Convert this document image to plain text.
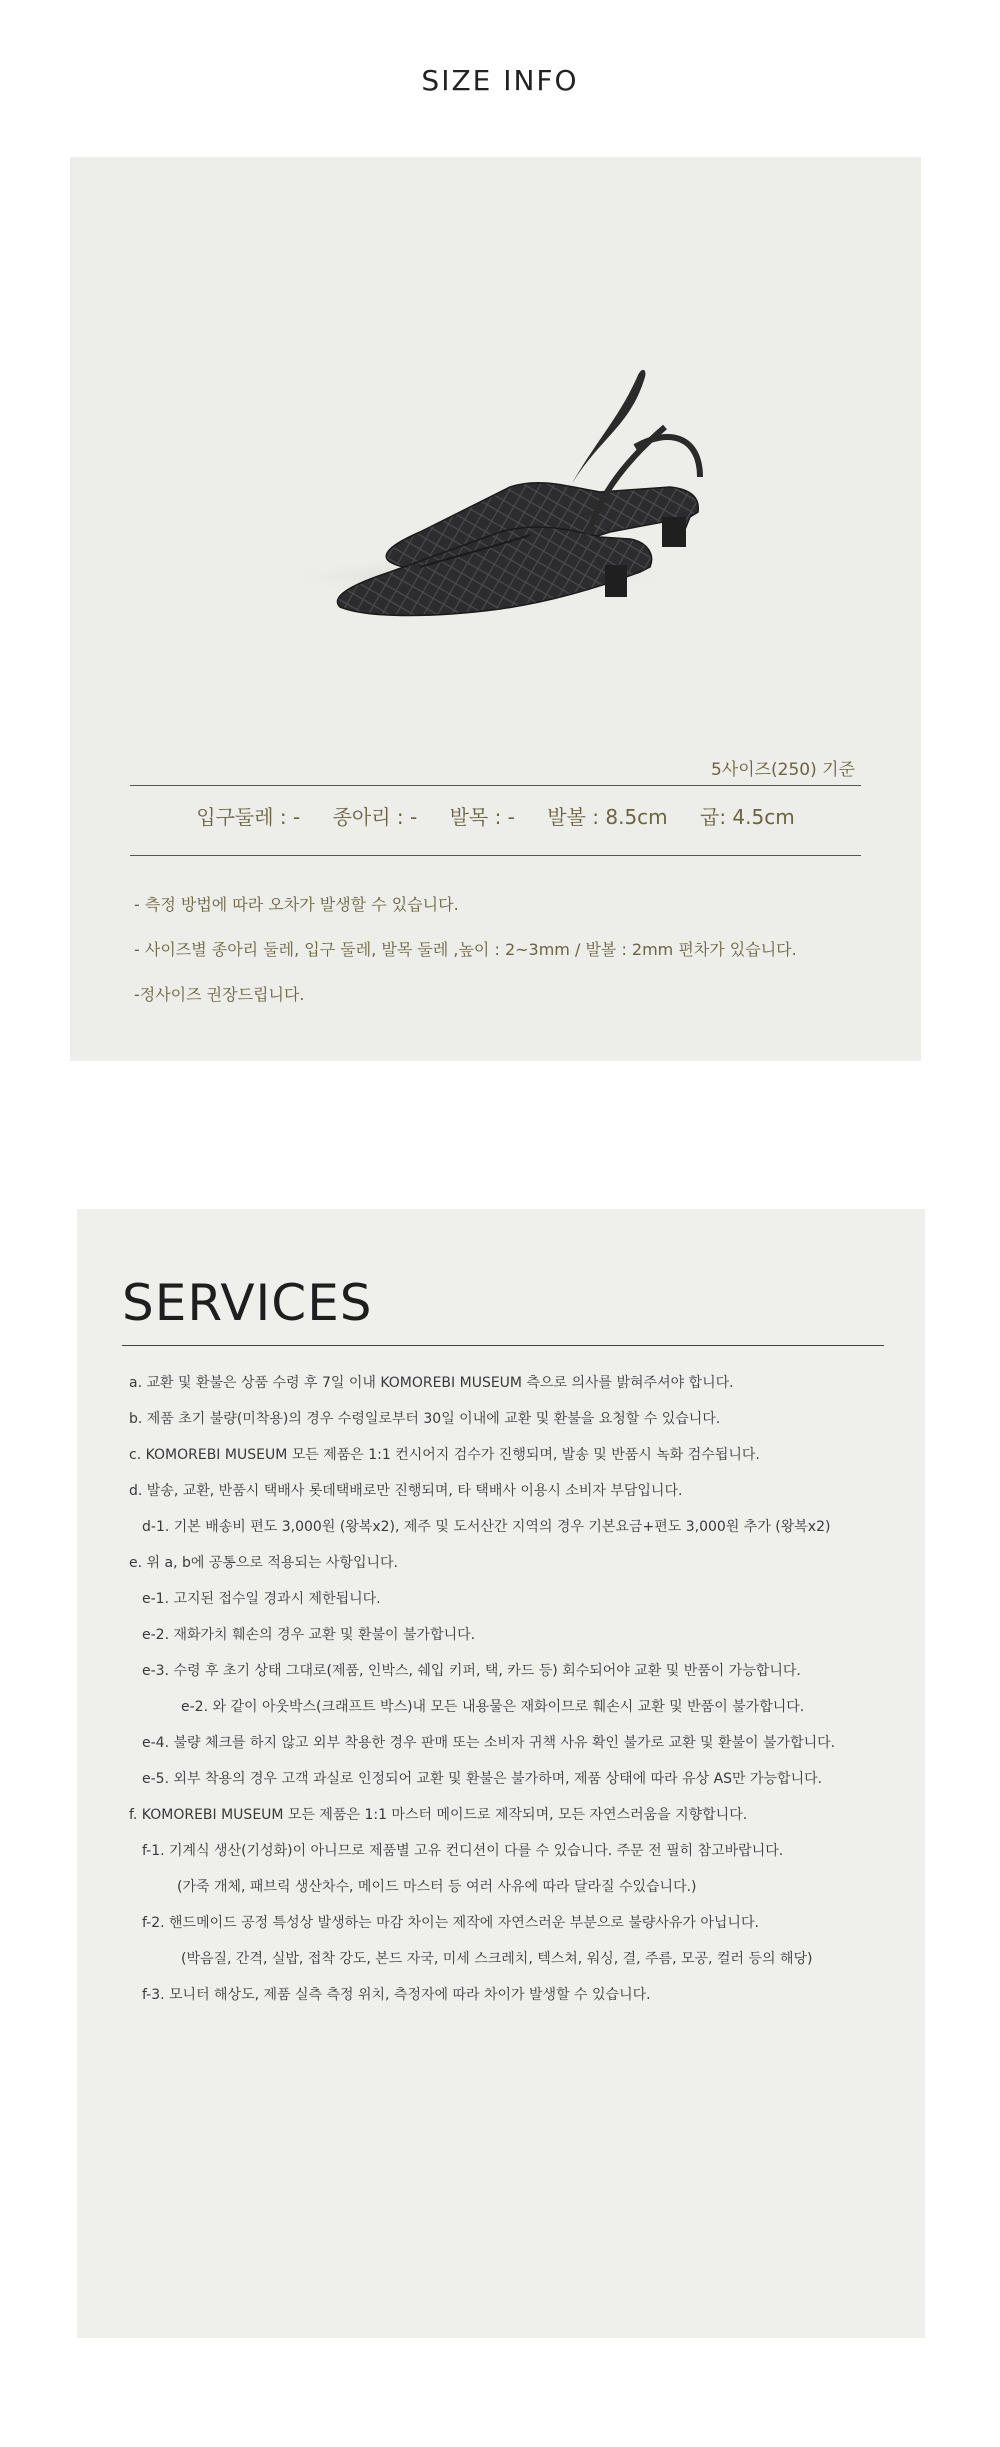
SIZE INFO
5사이즈(250) 기준
입구둘레 : - 종아리 : - 발목 : - 발볼 : 8.5cm 굽: 4.5cm
- 측정 방법에 따라 오차가 발생할 수 있습니다.
- 사이즈별 종아리 둘레, 입구 둘레, 발목 둘레 ,높이 : 2~3mm / 발볼 : 2mm 편차가 있습니다.
-정사이즈 권장드립니다.
SERVICES
a. 교환 및 환불은 상품 수령 후 7일 이내 KOMOREBI MUSEUM 측으로 의사를 밝혀주셔야 합니다.
b. 제품 초기 불량(미착용)의 경우 수령일로부터 30일 이내에 교환 및 환불을 요청할 수 있습니다.
c. KOMOREBI MUSEUM 모든 제품은 1:1 컨시어지 검수가 진행되며, 발송 및 반품시 녹화 검수됩니다.
d. 발송, 교환, 반품시 택배사 롯데택배로만 진행되며, 타 택배사 이용시 소비자 부담입니다.
d-1. 기본 배송비 편도 3,000원 (왕복x2), 제주 및 도서산간 지역의 경우 기본요금+편도 3,000원 추가 (왕복x2)
e. 위 a, b에 공통으로 적용되는 사항입니다.
e-1. 고지된 접수일 경과시 제한됩니다.
e-2. 재화가치 훼손의 경우 교환 및 환불이 불가합니다.
e-3. 수령 후 초기 상태 그대로(제품, 인박스, 쉐입 키퍼, 택, 카드 등) 회수되어야 교환 및 반품이 가능합니다.
e-2. 와 같이 아웃박스(크래프트 박스)내 모든 내용물은 재화이므로 훼손시 교환 및 반품이 불가합니다.
e-4. 불량 체크를 하지 않고 외부 착용한 경우 판매 또는 소비자 귀책 사유 확인 불가로 교환 및 환불이 불가합니다.
e-5. 외부 착용의 경우 고객 과실로 인정되어 교환 및 환불은 불가하며, 제품 상태에 따라 유상 AS만 가능합니다.
f. KOMOREBI MUSEUM 모든 제품은 1:1 마스터 메이드로 제작되며, 모든 자연스러움을 지향합니다.
f-1. 기계식 생산(기성화)이 아니므로 제품별 고유 컨디션이 다를 수 있습니다. 주문 전 필히 참고바랍니다.
(가죽 개체, 패브릭 생산차수, 메이드 마스터 등 여러 사유에 따라 달라질 수있습니다.)
f-2. 핸드메이드 공정 특성상 발생하는 마감 차이는 제작에 자연스러운 부분으로 불량사유가 아닙니다.
(박음질, 간격, 실밥, 접착 강도, 본드 자국, 미세 스크레치, 텍스쳐, 워싱, 결, 주름, 모공, 컬러 등의 해당)
f-3. 모니터 해상도, 제품 실측 측정 위치, 측정자에 따라 차이가 발생할 수 있습니다.
